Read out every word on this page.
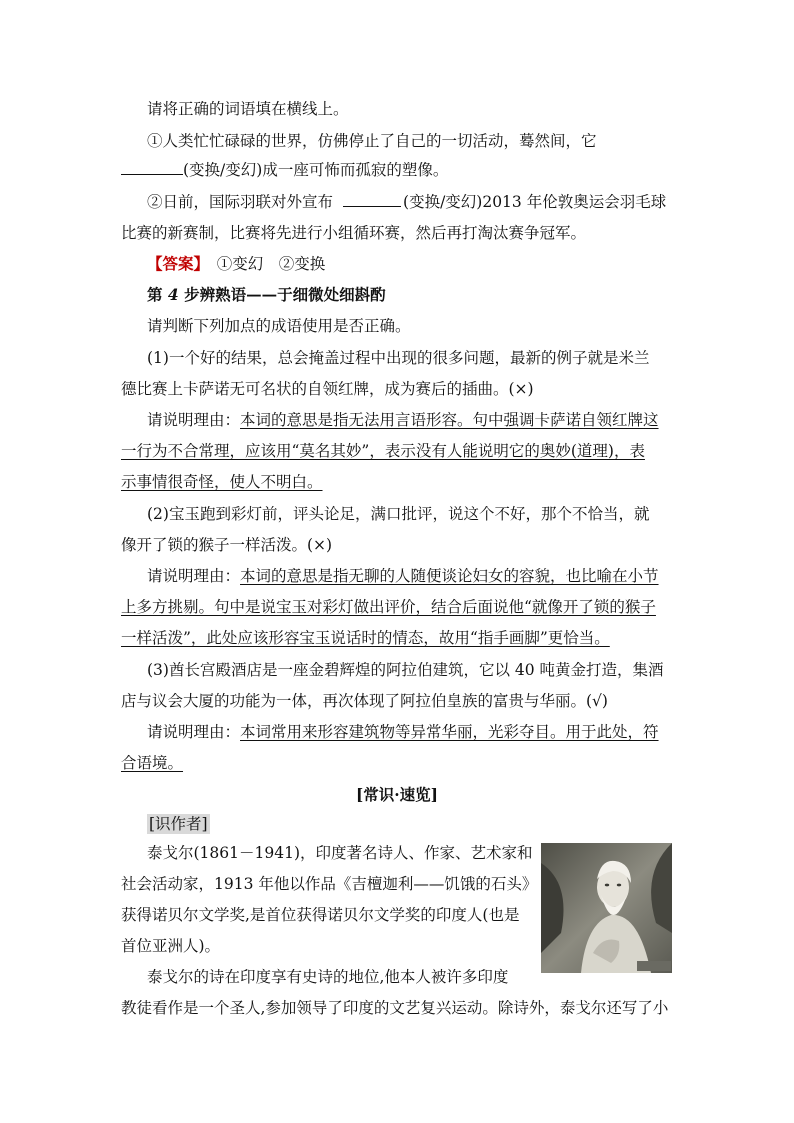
请将正确的词语填在横线上。
①人类忙忙碌碌的世界，仿佛停止了自己的一切活动，蓦然间，它
(变换/变幻)成一座可怖而孤寂的塑像。
②日前，国际羽联对外宣布	(变换/变幻)2013 年伦敦奥运会羽毛球
比赛的新赛制，比赛将先进行小组循环赛，然后再打淘汰赛争冠军。
【答案】　 ①变幻　②变换
第 4 步辨熟语——于细微处细斟酌
请判断下列加点的成语使用是否正确。
(1)一个好的结果，总会掩盖过程中出现的很多问题，最新的例子就是米兰
德比赛上卡萨诺无可名状的自领红牌，成为赛后的插曲。(×)
请说明理由：本词的意思是指无法用言语形容。句中强调卡萨诺自领红牌这
一行为不合常理，应该用“莫名其妙”，表示没有人能说明它的奥妙(道理)，表
示事情很奇怪，使人不明白。
(2)宝玉跑到彩灯前，评头论足，满口批评，说这个不好，那个不恰当，就
像开了锁的猴子一样活泼。(×)
请说明理由：本词的意思是指无聊的人随便谈论妇女的容貌，也比喻在小节
上多方挑剔。句中是说宝玉对彩灯做出评价，结合后面说他“就像开了锁的猴子
一样活泼”，此处应该形容宝玉说话时的情态，故用“指手画脚”更恰当。
(3)酋长宫殿酒店是一座金碧辉煌的阿拉伯建筑，它以 40 吨黄金打造，集酒
店与议会大厦的功能为一体，再次体现了阿拉伯皇族的富贵与华丽。(√)
请说明理由：本词常用来形容建筑物等异常华丽，光彩夺目。用于此处，符
合语境。
[常识·速览]
[识作者]
泰戈尔(1861－1941)，印度著名诗人、作家、艺术家和
社会活动家，1913 年他以作品《吉檀迦利——饥饿的石头》
获得诺贝尔文学奖,是首位获得诺贝尔文学奖的印度人(也是
首位亚洲人)。
泰戈尔的诗在印度享有史诗的地位,他本人被许多印度
教徒看作是一个圣人,参加领导了印度的文艺复兴运动。除诗外，泰戈尔还写了小
